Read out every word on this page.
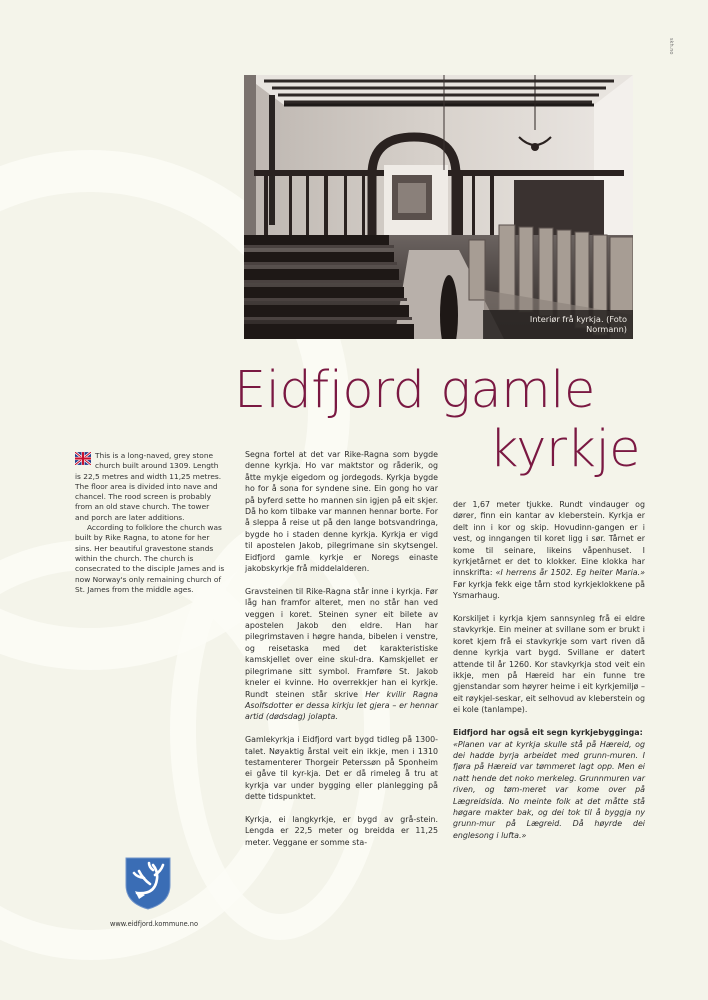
skh.no
Interiør frå kyrkja. (Foto Normann)
Eidfjord gamle
kyrkje

This is a long-naved, grey stone church built around 1309. Length is 22,5 metres and width 11,25 metres. The floor area is divided into nave and chancel. The rood screen is probably from an old stave church. The tower and porch are later additions.

According to folklore the church was built by Rike Ragna, to atone for her sins. Her beautiful gravestone stands within the church. The church is consecrated to the disciple James and is now Norway's only remaining church of St. James from the middle ages.

Segna fortel at det var Rike-Ragna som bygde denne kyrkja. Ho var maktstor og råderik, og åtte mykje eigedom og jordegods. Kyrkja bygde ho for å sona for syndene sine. Ein gong ho var på byferd sette ho mannen sin igjen på eit skjer. Då ho kom tilbake var mannen hennar borte. For å sleppa å reise ut på den lange botsvandringa, bygde ho i staden denne kyrkja. Kyrkja er vigd til apostelen Jakob, pilegrimane sin skytsengel. Eidfjord gamle kyrkje er Noregs einaste jakobskyrkje frå middelalderen.

Gravsteinen til Rike-Ragna står inne i kyrkja. Før låg han framfor alteret, men no står han ved veggen i koret. Steinen syner eit bilete av apostelen Jakob den eldre. Han har pilegrimstaven i høgre handa, bibelen i venstre, og reisetaska med det karakteristiske kamskjellet over eine skul-dra. Kamskjellet er pilegrimane sitt symbol. Framføre St. Jakob kneler ei kvinne. Ho overrekkjer han ei kyrkje. Rundt steinen står skrive Her kvilir Ragna Asolfsdotter er dessa kirkju let gjera – er hennar artid (dødsdag) jolapta.

Gamlekyrkja i Eidfjord vart bygd tidleg på 1300-talet. Nøyaktig årstal veit ein ikkje, men i 1310 testamenterer Thorgeir Peterssøn på Sponheim ei gåve til kyr-kja. Det er då rimeleg å tru at kyrkja var under bygging eller planlegging på dette tidspunktet.

Kyrkja, ei langkyrkje, er bygd av grå-stein. Lengda er 22,5 meter og breidda er 11,25 meter. Veggane er somme sta-

der 1,67 meter tjukke. Rundt vindauger og dører, finn ein kantar av kleberstein. Kyrkja er delt inn i kor og skip. Hovudinn-gangen er i vest, og inngangen til koret ligg i sør. Tårnet er kome til seinare, likeins våpenhuset. I kyrkjetårnet er det to klokker. Eine klokka har innskrifta: «I herrens år 1502. Eg heiter Maria.» Før kyrkja fekk eige tårn stod kyrkjeklokkene på Ysmarhaug.

Korskiljet i kyrkja kjem sannsynleg frå ei eldre stavkyrkje. Ein meiner at svillane som er brukt i koret kjem frå ei stavkyrkje som vart riven då denne kyrkja vart bygd. Svillane er datert attende til år 1260. Kor stavkyrkja stod veit ein ikkje, men på Hæreid har ein funne tre gjenstandar som høyrer heime i eit kyrkjemiljø – eit røykjel-seskar, eit selhovud av kleberstein og ei kole (tanlampe).

Eidfjord har også eit segn kyrkjebygginga:
«Planen var at kyrkja skulle stå på Hæreid, og dei hadde byrja arbeidet med grunn-muren. I fjøra på Hæreid var tømmeret lagt opp. Men ei natt hende det noko merkeleg. Grunnmuren var riven, og tøm-meret var kome over på Lægreidsida. No meinte folk at det måtte stå høgare makter bak, og dei tok til å byggja ny grunn-mur på Lægreid. Då høyrde dei englesong i lufta.»

www.eidfjord.kommune.no
